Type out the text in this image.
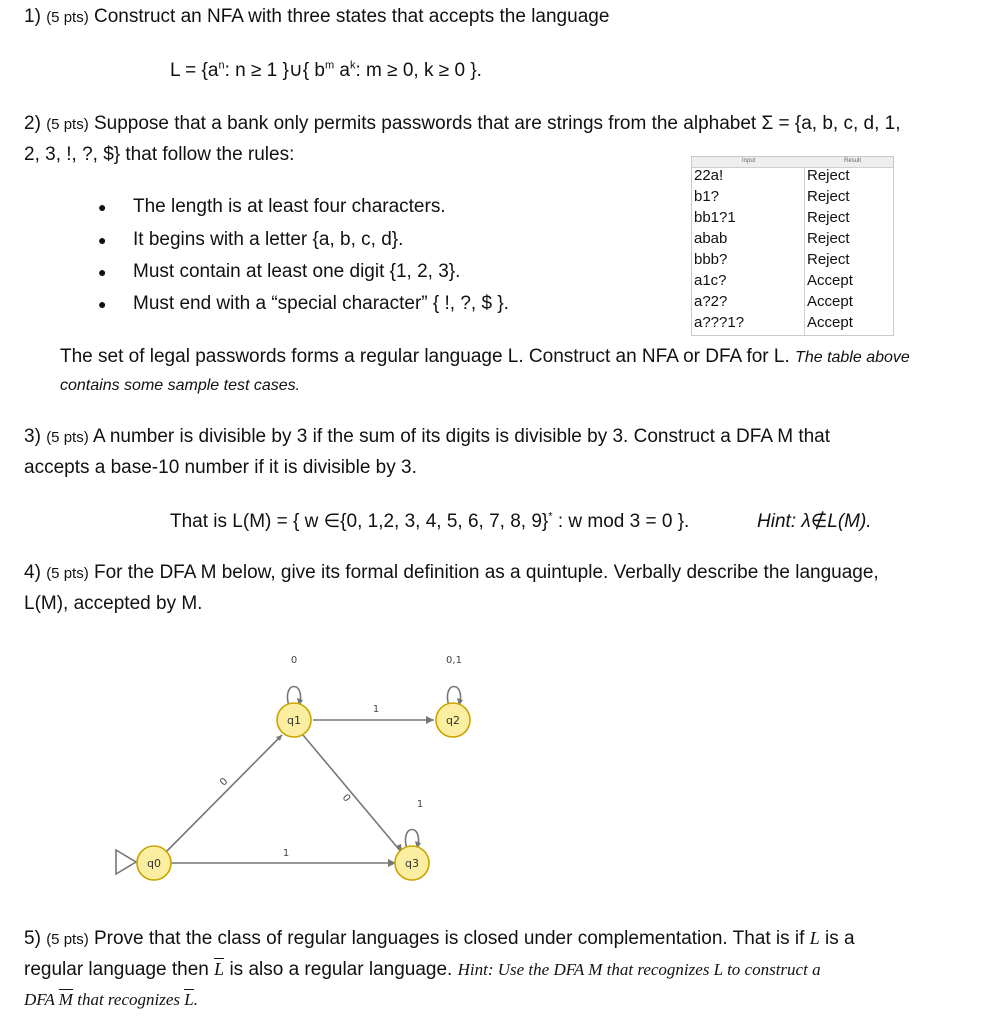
1) (5 pts) Construct an NFA with three states that accepts the language
$L = \{a^n$: n ≥ 1 }∪{ $b^m$ $a^k$: m ≥ 0, k ≥ 0 }.
2) (5 pts) Suppose that a bank only permits passwords that are strings from the alphabet Σ = {a, b, c, d, 1,
2, 3, !, ?, $} that follow the rules:
● The length is at least four characters.
● It begins with a letter {a, b, c, d}.
● Must contain at least one digit {1, 2, 3}.
● Must end with a “special character” { !, ?, $ }.
Input	Result
22a!	Reject
b1?	Reject
bb1?1	Reject
abab	Reject
bbb?	Reject
a1c?	Accept
a?2?	Accept
a???1?	Accept
The set of legal passwords forms a regular language L. Construct an NFA or DFA for L. The table above
contains some sample test cases.
3) (5 pts) A number is divisible by 3 if the sum of its digits is divisible by 3. Construct a DFA M that
accepts a base-10 number if it is divisible by 3.
That is L(M) = { w ∈{0, 1,2, 3, 4, 5, 6, 7, 8, 9}* : w mod 3 = 0 }.	Hint: λ∉L(M).
4) (5 pts) For the DFA M below, give its formal definition as a quintuple. Verbally describe the language,
L(M), accepted by M.
q1	q2
q0	q3
0	0,1
1
1
0
0
1
5) (5 pts) Prove that the class of regular languages is closed under complementation. That is if L is a
regular language then L is also a regular language. Hint: Use the DFA M that recognizes L to construct a
DFA M that recognizes L.
